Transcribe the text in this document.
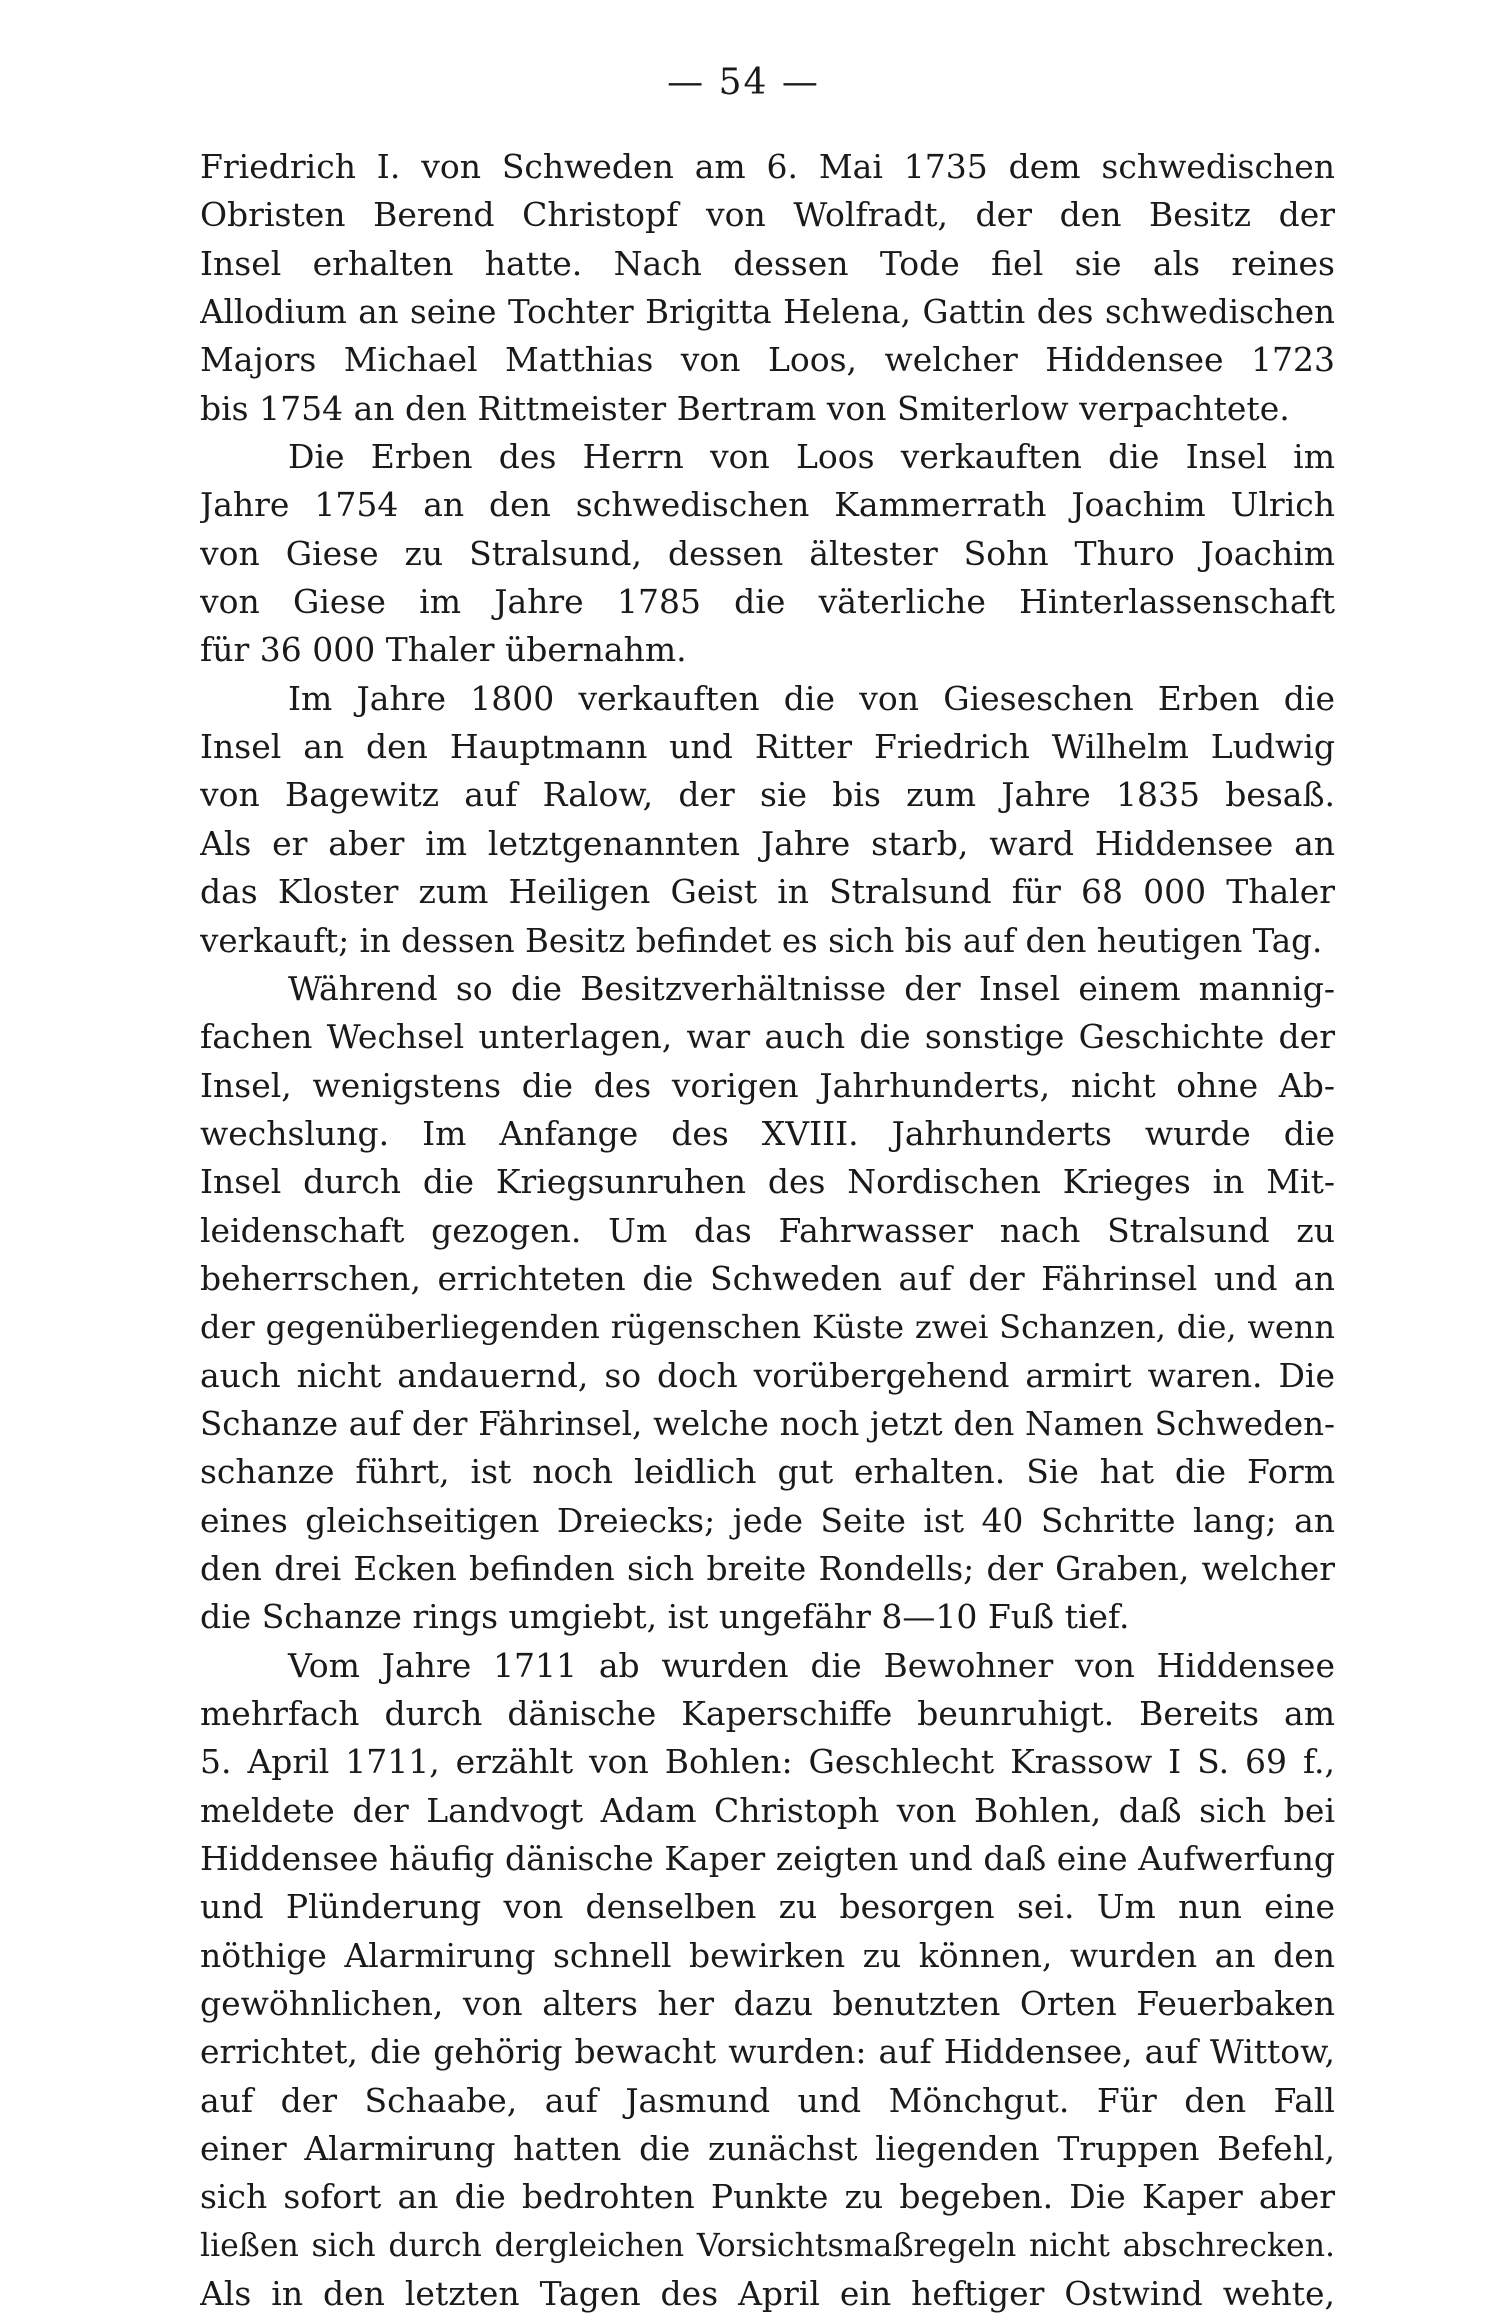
— 54 —
Friedrich I. von Schweden am 6. Mai 1735 dem schwedischen
Obristen Berend Christopf von Wolfradt, der den Besitz der
Insel erhalten hatte. Nach dessen Tode fiel sie als reines
Allodium an seine Tochter Brigitta Helena, Gattin des schwedischen
Majors Michael Matthias von Loos, welcher Hiddensee 1723
bis 1754 an den Rittmeister Bertram von Smiterlow verpachtete.
Die Erben des Herrn von Loos verkauften die Insel im
Jahre 1754 an den schwedischen Kammerrath Joachim Ulrich
von Giese zu Stralsund, dessen ältester Sohn Thuro Joachim
von Giese im Jahre 1785 die väterliche Hinterlassenschaft
für 36 000 Thaler übernahm.
Im Jahre 1800 verkauften die von Gieseschen Erben die
Insel an den Hauptmann und Ritter Friedrich Wilhelm Ludwig
von Bagewitz auf Ralow, der sie bis zum Jahre 1835 besaß.
Als er aber im letztgenannten Jahre starb, ward Hiddensee an
das Kloster zum Heiligen Geist in Stralsund für 68 000 Thaler
verkauft; in dessen Besitz befindet es sich bis auf den heutigen Tag.
Während so die Besitzverhältnisse der Insel einem mannig-
fachen Wechsel unterlagen, war auch die sonstige Geschichte der
Insel, wenigstens die des vorigen Jahrhunderts, nicht ohne Ab-
wechslung. Im Anfange des XVIII. Jahrhunderts wurde die
Insel durch die Kriegsunruhen des Nordischen Krieges in Mit-
leidenschaft gezogen. Um das Fahrwasser nach Stralsund zu
beherrschen, errichteten die Schweden auf der Fährinsel und an
der gegenüberliegenden rügenschen Küste zwei Schanzen, die, wenn
auch nicht andauernd, so doch vorübergehend armirt waren. Die
Schanze auf der Fährinsel, welche noch jetzt den Namen Schweden-
schanze führt, ist noch leidlich gut erhalten. Sie hat die Form
eines gleichseitigen Dreiecks; jede Seite ist 40 Schritte lang; an
den drei Ecken befinden sich breite Rondells; der Graben, welcher
die Schanze rings umgiebt, ist ungefähr 8—10 Fuß tief.
Vom Jahre 1711 ab wurden die Bewohner von Hiddensee
mehrfach durch dänische Kaperschiffe beunruhigt. Bereits am
5. April 1711, erzählt von Bohlen: Geschlecht Krassow I S. 69 f.,
meldete der Landvogt Adam Christoph von Bohlen, daß sich bei
Hiddensee häufig dänische Kaper zeigten und daß eine Aufwerfung
und Plünderung von denselben zu besorgen sei. Um nun eine
nöthige Alarmirung schnell bewirken zu können, wurden an den
gewöhnlichen, von alters her dazu benutzten Orten Feuerbaken
errichtet, die gehörig bewacht wurden: auf Hiddensee, auf Wittow,
auf der Schaabe, auf Jasmund und Mönchgut. Für den Fall
einer Alarmirung hatten die zunächst liegenden Truppen Befehl,
sich sofort an die bedrohten Punkte zu begeben. Die Kaper aber
ließen sich durch dergleichen Vorsichtsmaßregeln nicht abschrecken.
Als in den letzten Tagen des April ein heftiger Ostwind wehte,
